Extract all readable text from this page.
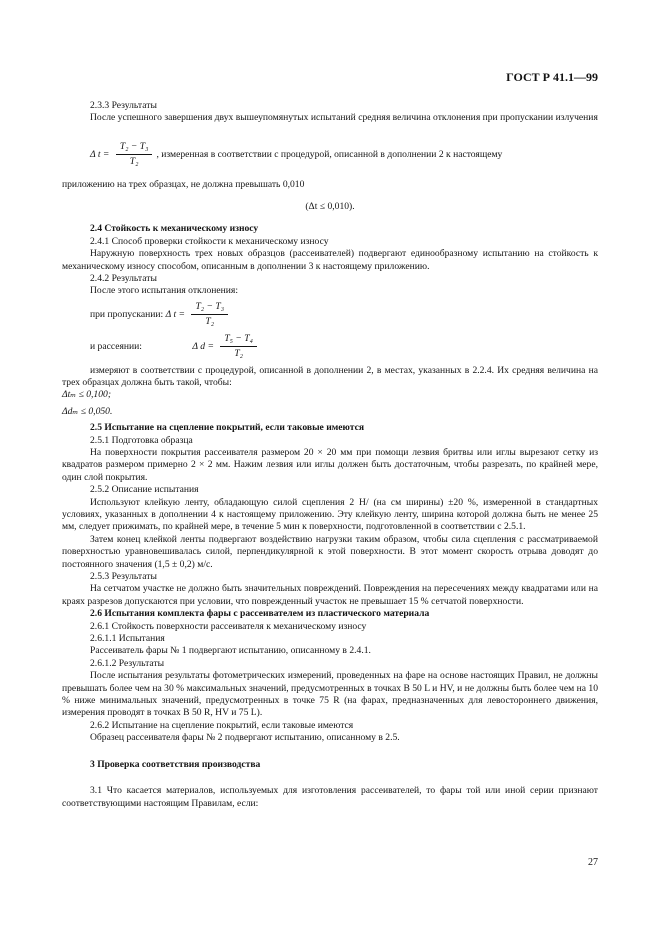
ГОСТ Р 41.1—99

2.3.3 Результаты

После успешного завершения двух вышеупомянутых испытаний средняя величина отклонения при пропускании излучения

Δ $t = \frac{\text{T₂ − T₃}}{\text{T₂}}$ , измеренная в соответствии с процедурой, описанной в дополнении 2 к настоящему

приложению на трех образцах, не должна превышать 0,010

(Δt ≤ 0,010).

2.4 Стойкость к механическому износу

2.4.1 Способ проверки стойкости к механическому износу

Наружную поверхность трех новых образцов (рассеивателей) подвергают единообразному испытанию на стойкость к механическому износу способом, описанным в дополнении 3 к настоящему приложению.

2.4.2 Результаты

После этого испытания отклонения:

при пропускании: Δ $t = \frac{\text{T₂ − T₃}}{\text{T₂}}$

и рассеянии:	Δ $d = \frac{\text{T₅ − T₄}}{\text{T₂}}$

измеряют в соответствии с процедурой, описанной в дополнении 2, в местах, указанных в 2.2.4. Их средняя величина на трех образцах должна быть такой, чтобы:

Δtₘ ≤ 0,100;

Δdₘ ≤ 0,050.

2.5 Испытание на сцепление покрытий, если таковые имеются

2.5.1 Подготовка образца

На поверхности покрытия рассеивателя размером 20 × 20 мм при помощи лезвия бритвы или иглы вырезают сетку из квадратов размером примерно 2 × 2 мм. Нажим лезвия или иглы должен быть достаточным, чтобы разрезать, по крайней мере, один слой покрытия.

2.5.2 Описание испытания

Используют клейкую ленту, обладающую силой сцепления 2 Н/ (на см ширины) ±20 %, измеренной в стандартных условиях, указанных в дополнении 4 к настоящему приложению. Эту клейкую ленту, ширина которой должна быть не менее 25 мм, следует прижимать, по крайней мере, в течение 5 мин к поверхности, подготовленной в соответствии с 2.5.1.

Затем конец клейкой ленты подвергают воздействию нагрузки таким образом, чтобы сила сцепления с рассматриваемой поверхностью уравновешивалась силой, перпендикулярной к этой поверхности. В этот момент скорость отрыва доводят до постоянного значения (1,5 ± 0,2) м/с.

2.5.3 Результаты

На сетчатом участке не должно быть значительных повреждений. Повреждения на пересечениях между квадратами или на краях разрезов допускаются при условии, что поврежденный участок не превышает 15 % сетчатой поверхности.

2.6 Испытания комплекта фары с рассеивателем из пластического материала

2.6.1 Стойкость поверхности рассеивателя к механическому износу

2.6.1.1 Испытания

Рассеиватель фары № 1 подвергают испытанию, описанному в 2.4.1.

2.6.1.2 Результаты

После испытания результаты фотометрических измерений, проведенных на фаре на основе настоящих Правил, не должны превышать более чем на 30 % максимальных значений, предусмотренных в точках B 50 L и HV, и не должны быть более чем на 10 % ниже минимальных значений, предусмотренных в точке 75 R (на фарах, предназначенных для левостороннего движения, измерения проводят в точках B 50 R, HV и 75 L).

2.6.2 Испытание на сцепление покрытий, если таковые имеются

Образец рассеивателя фары № 2 подвергают испытанию, описанному в 2.5.

3 Проверка соответствия производства

3.1 Что касается материалов, используемых для изготовления рассеивателей, то фары той или иной серии признают соответствующими настоящим Правилам, если:

27
